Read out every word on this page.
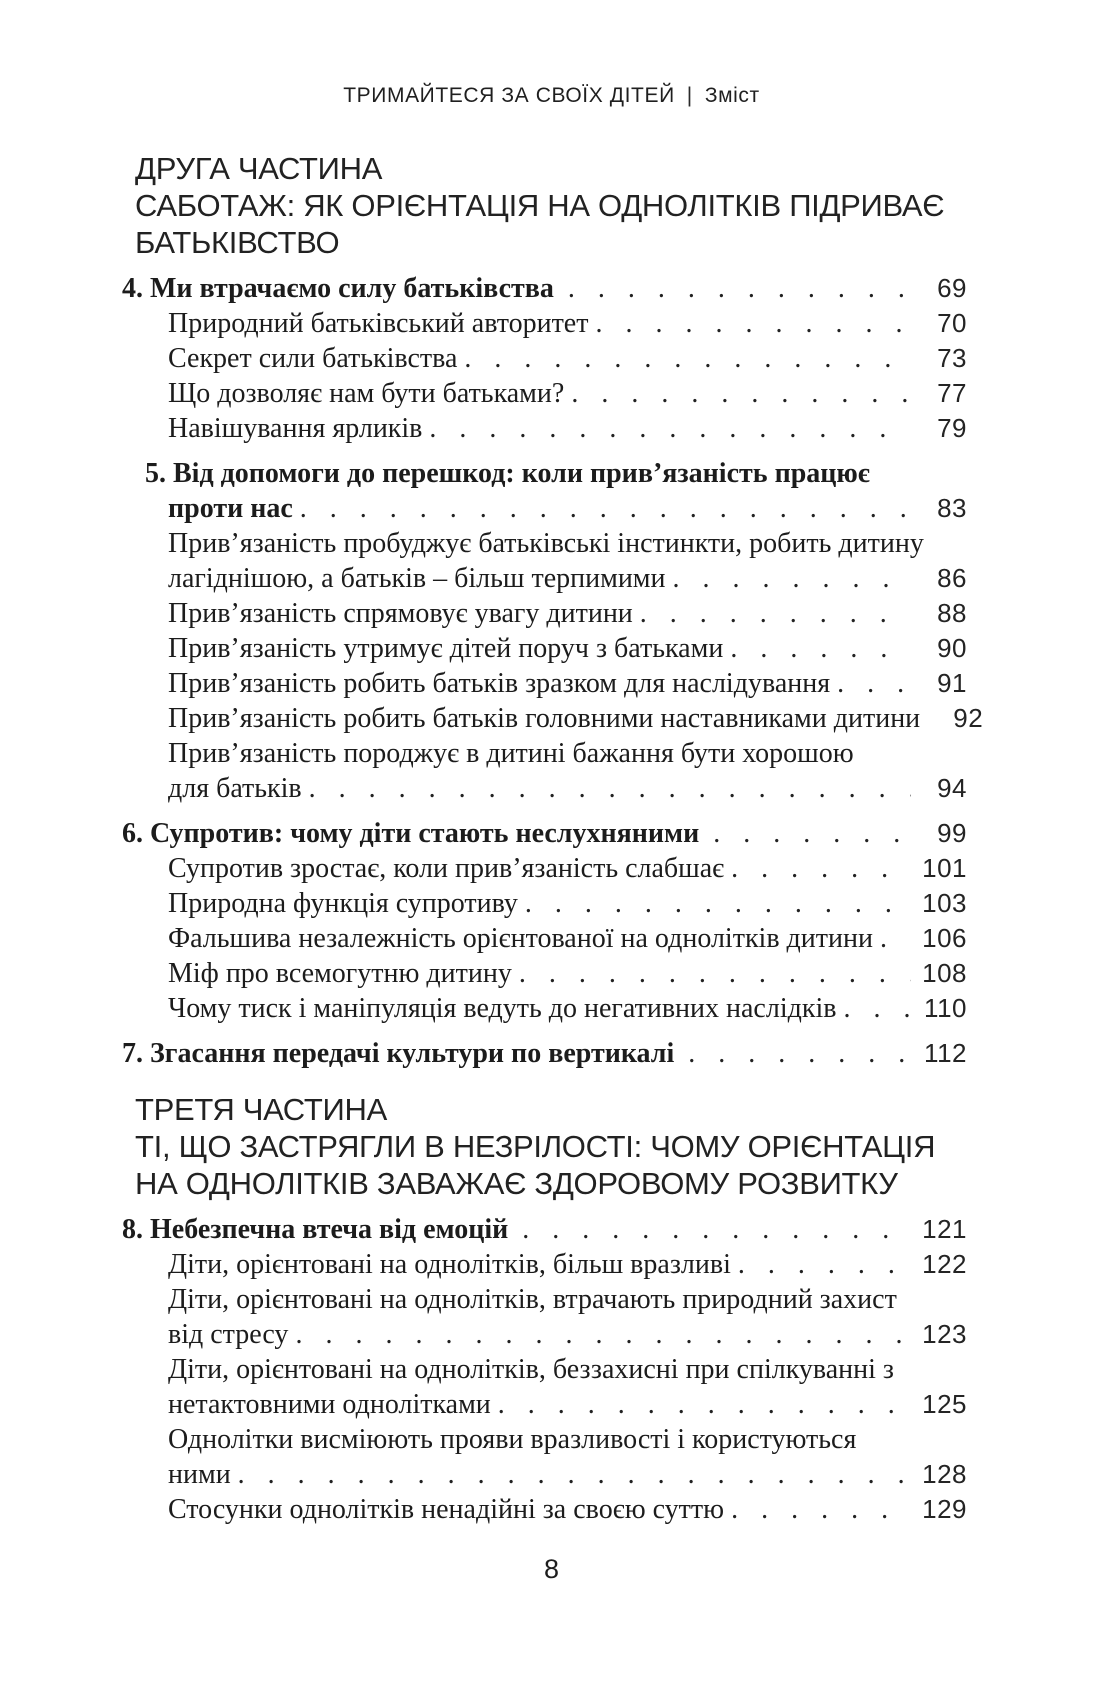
ТРИМАЙТЕСЯ ЗА СВОЇХ ДІТЕЙ | Зміст
ДРУГА ЧАСТИНА
САБОТАЖ: ЯК ОРІЄНТАЦІЯ НА ОДНОЛІТКІВ ПІДРИВАЄ
БАТЬКІВСТВО
4. Ми втрачаємо силу батьківства . . .	69
Природний батьківський авторитет . . .	70
Секрет сили батьківства . . .	73
Що дозволяє нам бути батьками? . . .	77
Навішування ярликів . . .	79
5. Від допомоги до перешкод: коли прив’язаність працює
проти нас . . .	83
Прив’язаність пробуджує батьківські інстинкти, робить дитину
лагіднішою, а батьків – більш терпимими . . .	86
Прив’язаність спрямовує увагу дитини . . .	88
Прив’язаність утримує дітей поруч з батьками . . .	90
Прив’язаність робить батьків зразком для наслідування . . .	91
Прив’язаність робить батьків головними наставниками дитини	92
Прив’язаність породжує в дитині бажання бути хорошою
для батьків . . .	94
6. Супротив: чому діти стають неслухняними . . .	99
Супротив зростає, коли прив’язаність слабшає . . .	101
Природна функція супротиву . . .	103
Фальшива незалежність орієнтованої на однолітків дитини . . . 106
Міф про всемогутню дитину . . .	108
Чому тиск і маніпуляція ведуть до негативних наслідків . . .	110
7. Згасання передачі культури по вертикалі . . .	112
ТРЕТЯ ЧАСТИНА
ТІ, ЩО ЗАСТРЯГЛИ В НЕЗРІЛОСТІ: ЧОМУ ОРІЄНТАЦІЯ
НА ОДНОЛІТКІВ ЗАВАЖАЄ ЗДОРОВОМУ РОЗВИТКУ
8. Небезпечна втеча від емоцій . . .	121
Діти, орієнтовані на однолітків, більш вразливі . . .	122
Діти, орієнтовані на однолітків, втрачають природний захист
від стресу . . .	123
Діти, орієнтовані на однолітків, беззахисні при спілкуванні з
нетактовними однолітками . . .	125
Однолітки висміюють прояви вразливості і користуються
ними . . .	128
Стосунки однолітків ненадійні за своєю суттю . . .	129
8
